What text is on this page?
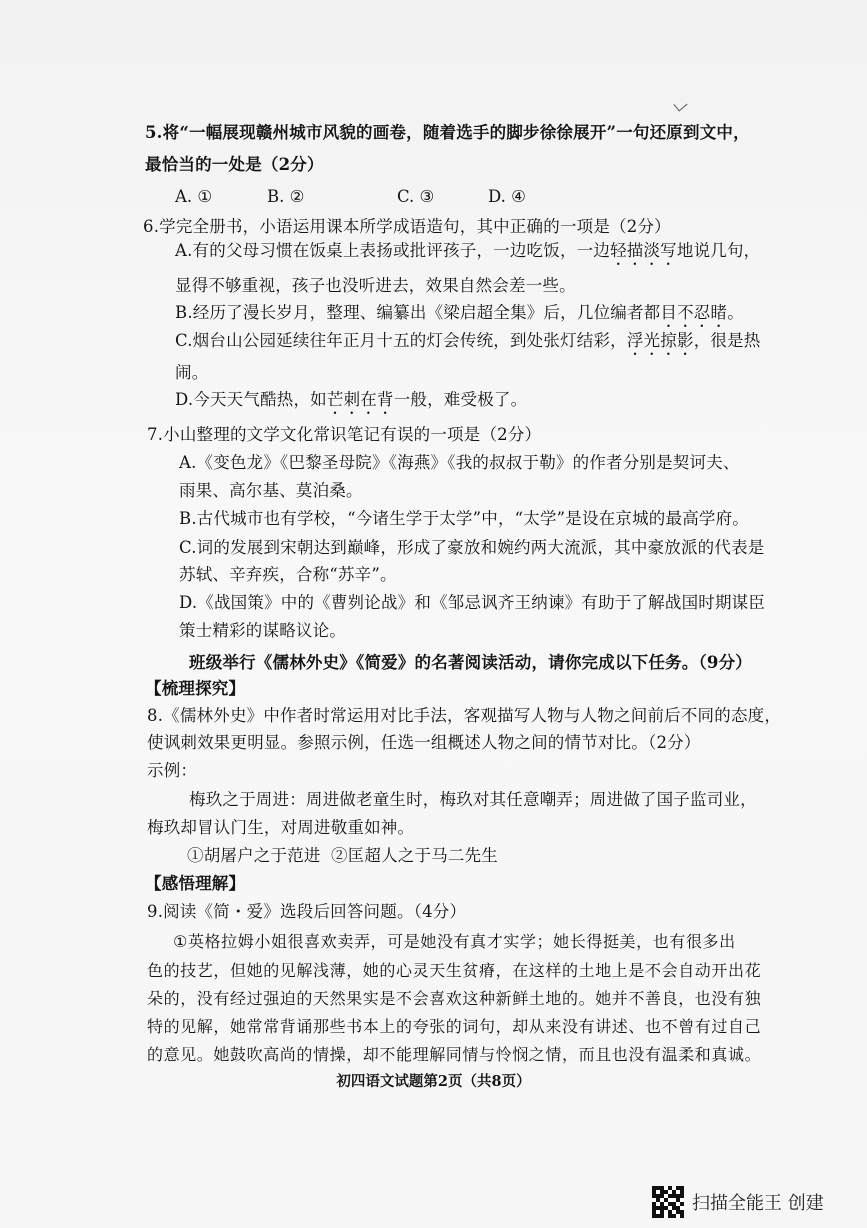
5.将“一幅展现赣州城市风貌的画卷，随着选手的脚步徐徐展开”一句还原到文中，
最恰当的一处是（2分）
A. ①	B. ②	C. ③	D. ④
6.学完全册书，小语运用课本所学成语造句，其中正确的一项是（2分）
A.有的父母习惯在饭桌上表扬或批评孩子，一边吃饭，一边轻描淡写地说几句，
显得不够重视，孩子也没听进去，效果自然会差一些。
B.经历了漫长岁月，整理、编纂出《梁启超全集》后，几位编者都目不忍睹。
C.烟台山公园延续往年正月十五的灯会传统，到处张灯结彩，浮光掠影，很是热
闹。
D.今天天气酷热，如芒刺在背一般，难受极了。
7.小山整理的文学文化常识笔记有误的一项是（2分）
A.《变色龙》《巴黎圣母院》《海燕》《我的叔叔于勒》的作者分别是契诃夫、
雨果、高尔基、莫泊桑。
B.古代城市也有学校，“今诸生学于太学”中，“太学”是设在京城的最高学府。
C.词的发展到宋朝达到巅峰，形成了豪放和婉约两大流派，其中豪放派的代表是
苏轼、辛弃疾，合称“苏辛”。
D.《战国策》中的《曹刿论战》和《邹忌讽齐王纳谏》有助于了解战国时期谋臣
策士精彩的谋略议论。
班级举行《儒林外史》《简爱》的名著阅读活动，请你完成以下任务。（9分）
【梳理探究】
8.《儒林外史》中作者时常运用对比手法，客观描写人物与人物之间前后不同的态度，
使讽刺效果更明显。参照示例，任选一组概述人物之间的情节对比。（2分）
示例：
梅玖之于周进：周进做老童生时，梅玖对其任意嘲弄；周进做了国子监司业，
梅玖却冒认门生，对周进敬重如神。
①胡屠户之于范进 ②匡超人之于马二先生
【感悟理解】
9.阅读《简・爱》选段后回答问题。（4分）
①英格拉姆小姐很喜欢卖弄，可是她没有真才实学；她长得挺美，也有很多出
色的技艺，但她的见解浅薄，她的心灵天生贫瘠，在这样的土地上是不会自动开出花
朵的，没有经过强迫的天然果实是不会喜欢这种新鲜土地的。她并不善良，也没有独
特的见解，她常常背诵那些书本上的夸张的词句，却从来没有讲述、也不曾有过自己
的意见。她鼓吹高尚的情操，却不能理解同情与怜悯之情，而且也没有温柔和真诚。
初四语文试题第2页（共8页）
扫描全能王 创建
